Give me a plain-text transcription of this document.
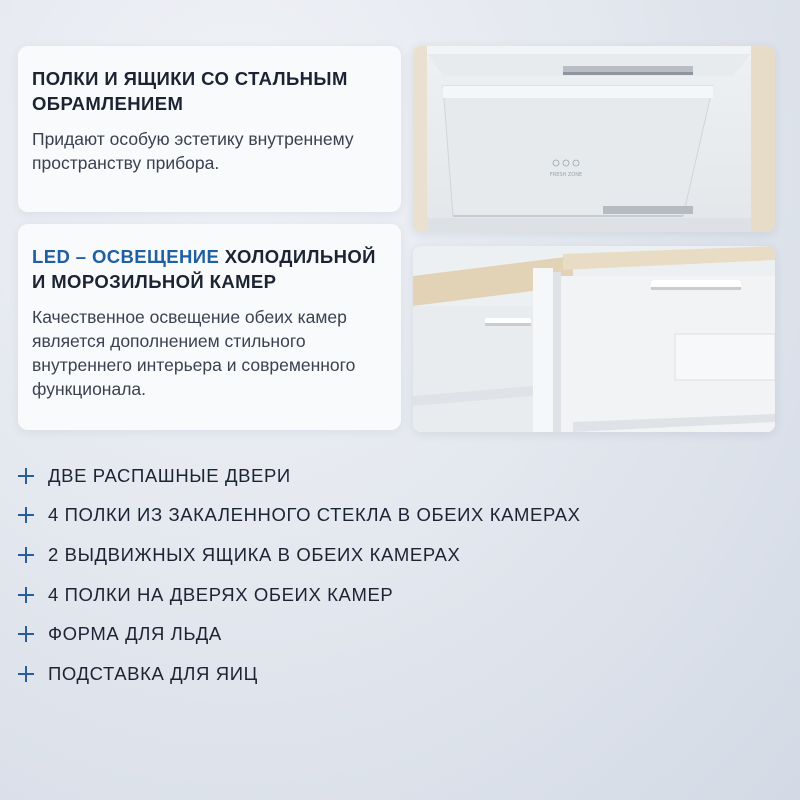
ПОЛКИ И ЯЩИКИ СО СТАЛЬНЫМ ОБРАМЛЕНИЕМ
Придают особую эстетику внутреннему пространству прибора.
FRESH ZONE
LED – ОСВЕЩЕНИЕ ХОЛОДИЛЬНОЙ И МОРОЗИЛЬНОЙ КАМЕР
Качественное освещение обеих камер является дополнением стильного внутреннего интерьера и современного функционала.
ДВЕ РАСПАШНЫЕ ДВЕРИ
4 ПОЛКИ ИЗ ЗАКАЛЕННОГО СТЕКЛА В ОБЕИХ КАМЕРАХ
2 ВЫДВИЖНЫХ ЯЩИКА В ОБЕИХ КАМЕРАХ
4 ПОЛКИ НА ДВЕРЯХ ОБЕИХ КАМЕР
ФОРМА ДЛЯ ЛЬДА
ПОДСТАВКА ДЛЯ ЯИЦ
